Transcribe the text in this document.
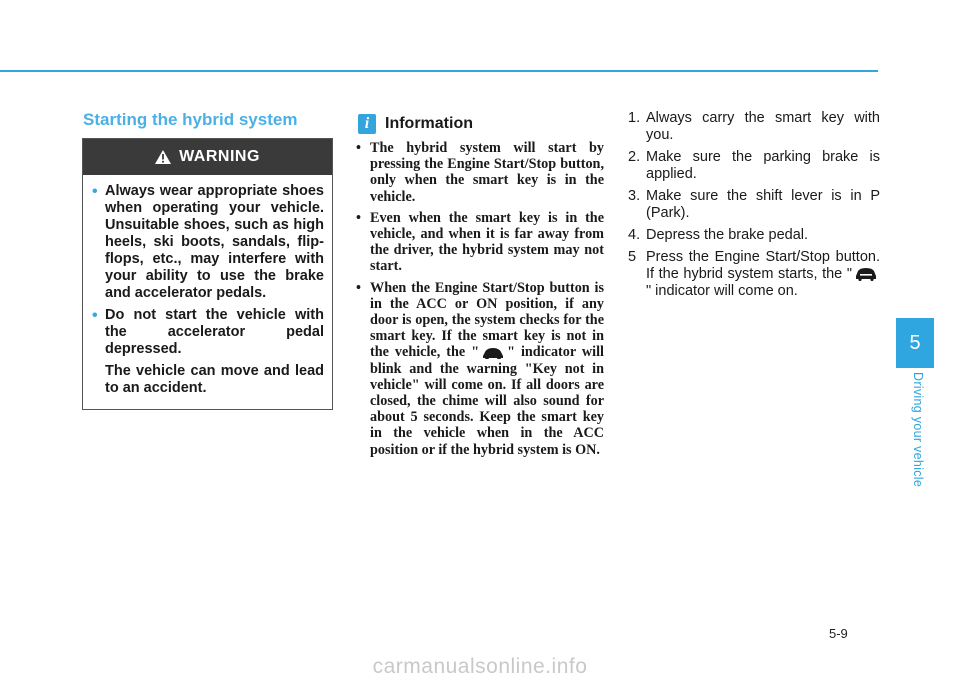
Starting the hybrid system
WARNING
• Always wear appropriate shoes when operating your vehicle. Unsuitable shoes, such as high heels, ski boots, sandals, flip-flops, etc., may interfere with your ability to use the brake and accelerator pedals.
• Do not start the vehicle with the accelerator pedal depressed.
The vehicle can move and lead to an accident.
i Information
• The hybrid system will start by pressing the Engine Start/Stop button, only when the smart key is in the vehicle.
• Even when the smart key is in the vehicle, and when it is far away from the driver, the hybrid system may not start.
• When the Engine Start/Stop button is in the ACC or ON position, if any door is open, the system checks for the smart key. If the smart key is not in the vehicle, the " " indicator will blink and the warning "Key not in vehicle" will come on. If all doors are closed, the chime will also sound for about 5 seconds. Keep the smart key in the vehicle when in the ACC position or if the hybrid system is ON.
1. Always carry the smart key with you.
2. Make sure the parking brake is applied.
3. Make sure the shift lever is in P (Park).
4. Depress the brake pedal.
5 Press the Engine Start/Stop button. If the hybrid system starts, the "" indicator will come on.
5
Driving your vehicle
5-9
carmanualsonline.info
